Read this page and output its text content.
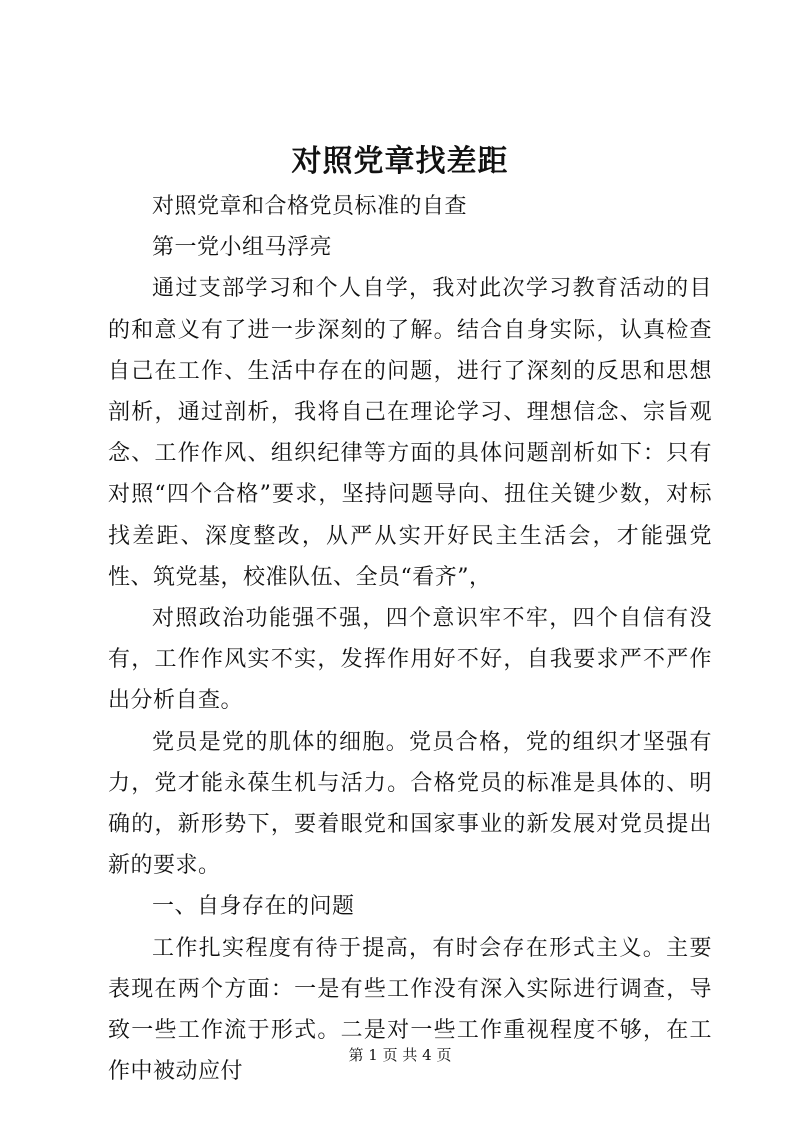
对照党章找差距

对照党章和合格党员标准的自查

第一党小组马浮亮

通过支部学习和个人自学，我对此次学习教育活动的目的和意义有了进一步深刻的了解。结合自身实际，认真检查自己在工作、生活中存在的问题，进行了深刻的反思和思想剖析，通过剖析，我将自己在理论学习、理想信念、宗旨观念、工作作风、组织纪律等方面的具体问题剖析如下：只有对照“四个合格”要求，坚持问题导向、扭住关键少数，对标找差距、深度整改，从严从实开好民主生活会，才能强党性、筑党基，校准队伍、全员“看齐”，

对照政治功能强不强，四个意识牢不牢，四个自信有没有，工作作风实不实，发挥作用好不好，自我要求严不严作出分析自查。

党员是党的肌体的细胞。党员合格，党的组织才坚强有力，党才能永葆生机与活力。合格党员的标准是具体的、明确的，新形势下，要着眼党和国家事业的新发展对党员提出新的要求。

一、自身存在的问题

工作扎实程度有待于提高，有时会存在形式主义。主要表现在两个方面：一是有些工作没有深入实际进行调查，导致一些工作流于形式。二是对一些工作重视程度不够，在工作中被动应付

第 1 页 共 4 页
